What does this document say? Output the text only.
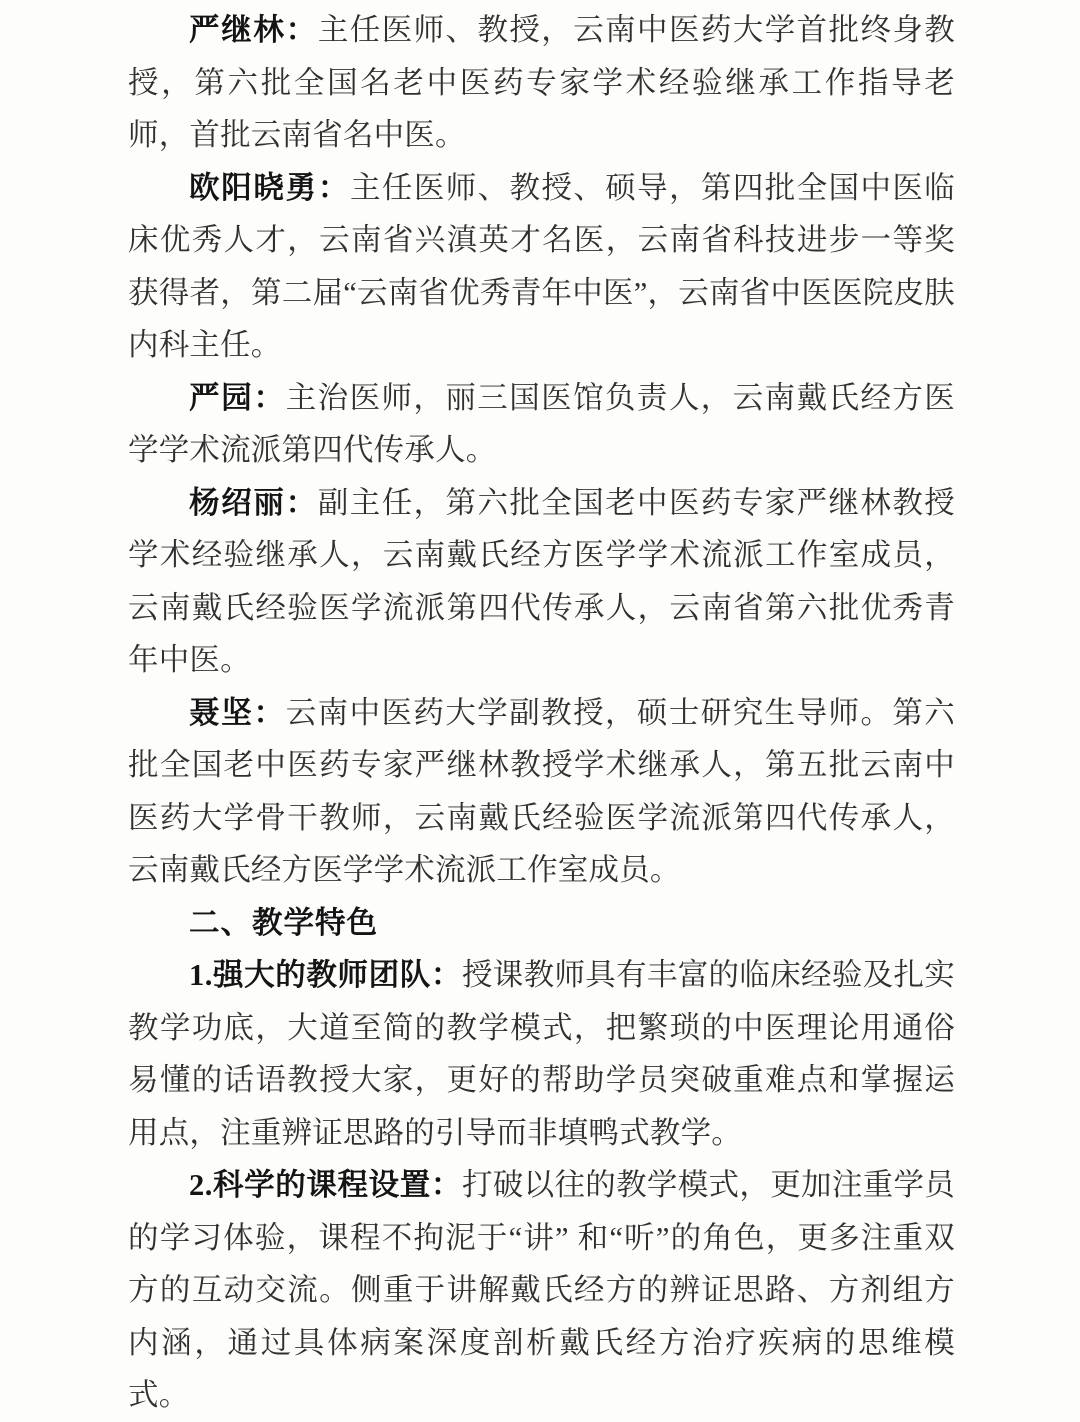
严继林：主任医师、教授，云南中医药大学首批终身教授，第六批全国名老中医药专家学术经验继承工作指导老师，首批云南省名中医。

欧阳晓勇：主任医师、教授、硕导，第四批全国中医临床优秀人才，云南省兴滇英才名医，云南省科技进步一等奖获得者，第二届“云南省优秀青年中医”，云南省中医医院皮肤内科主任。

严园：主治医师，丽三国医馆负责人，云南戴氏经方医学学术流派第四代传承人。

杨绍丽：副主任，第六批全国老中医药专家严继林教授学术经验继承人，云南戴氏经方医学学术流派工作室成员，云南戴氏经验医学流派第四代传承人，云南省第六批优秀青年中医。

聂坚：云南中医药大学副教授，硕士研究生导师。第六批全国老中医药专家严继林教授学术继承人，第五批云南中医药大学骨干教师，云南戴氏经验医学流派第四代传承人，云南戴氏经方医学学术流派工作室成员。

二、教学特色

1.强大的教师团队：授课教师具有丰富的临床经验及扎实教学功底，大道至简的教学模式，把繁琐的中医理论用通俗易懂的话语教授大家，更好的帮助学员突破重难点和掌握运用点，注重辨证思路的引导而非填鸭式教学。

2.科学的课程设置：打破以往的教学模式，更加注重学员的学习体验，课程不拘泥于“讲” 和“听”的角色，更多注重双方的互动交流。侧重于讲解戴氏经方的辨证思路、方剂组方内涵，通过具体病案深度剖析戴氏经方治疗疾病的思维模式。
